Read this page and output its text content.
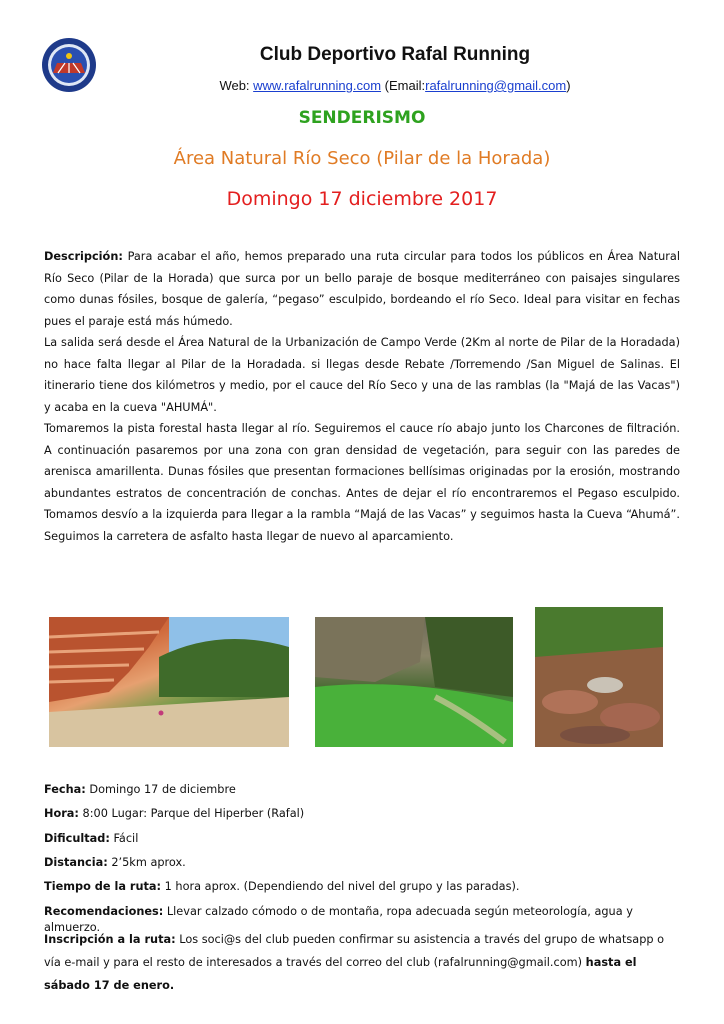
Club Deportivo Rafal Running
Web: www.rafalrunning.com (Email:rafalrunning@gmail.com)
SENDERISMO
Área Natural Río Seco (Pilar de la Horada)
Domingo 17 diciembre 2017

Descripción: Para acabar el año, hemos preparado una ruta circular para todos los públicos en Área Natural Río Seco (Pilar de la Horada) que surca por un bello paraje de bosque mediterráneo con paisajes singulares como dunas fósiles, bosque de galería, “pegaso” esculpido, bordeando el río Seco. Ideal para visitar en fechas pues el paraje está más húmedo.

La salida será desde el Área Natural de la Urbanización de Campo Verde (2Km al norte de Pilar de la Horadada) no hace falta llegar al Pilar de la Horadada. si llegas desde Rebate /Torremendo /San Miguel de Salinas. El itinerario tiene dos kilómetros y medio, por el cauce del Río Seco y una de las ramblas (la "Majá de las Vacas") y acaba en la cueva "AHUMÁ".

Tomaremos la pista forestal hasta llegar al río. Seguiremos el cauce río abajo junto los Charcones de filtración. A continuación pasaremos por una zona con gran densidad de vegetación, para seguir con las paredes de arenisca amarillenta. Dunas fósiles que presentan formaciones bellísimas originadas por la erosión, mostrando abundantes estratos de concentración de conchas. Antes de dejar el río encontraremos el Pegaso esculpido. Tomamos desvío a la izquierda para llegar a la rambla “Majá de las Vacas” y seguimos hasta la Cueva “Ahumá”. Seguimos la carretera de asfalto hasta llegar de nuevo al aparcamiento.

Fecha: Domingo 17 de diciembre
Hora: 8:00 Lugar: Parque del Hiperber (Rafal)
Dificultad: Fácil
Distancia: 2’5km aprox.
Tiempo de la ruta: 1 hora aprox. (Dependiendo del nivel del grupo y las paradas).
Recomendaciones: Llevar calzado cómodo o de montaña, ropa adecuada según meteorología, agua y almuerzo.
Inscripción a la ruta: Los soci@s del club pueden confirmar su asistencia a través del grupo de whatsapp o vía e-mail y para el resto de interesados a través del correo del club (rafalrunning@gmail.com) hasta el sábado 17 de enero.
